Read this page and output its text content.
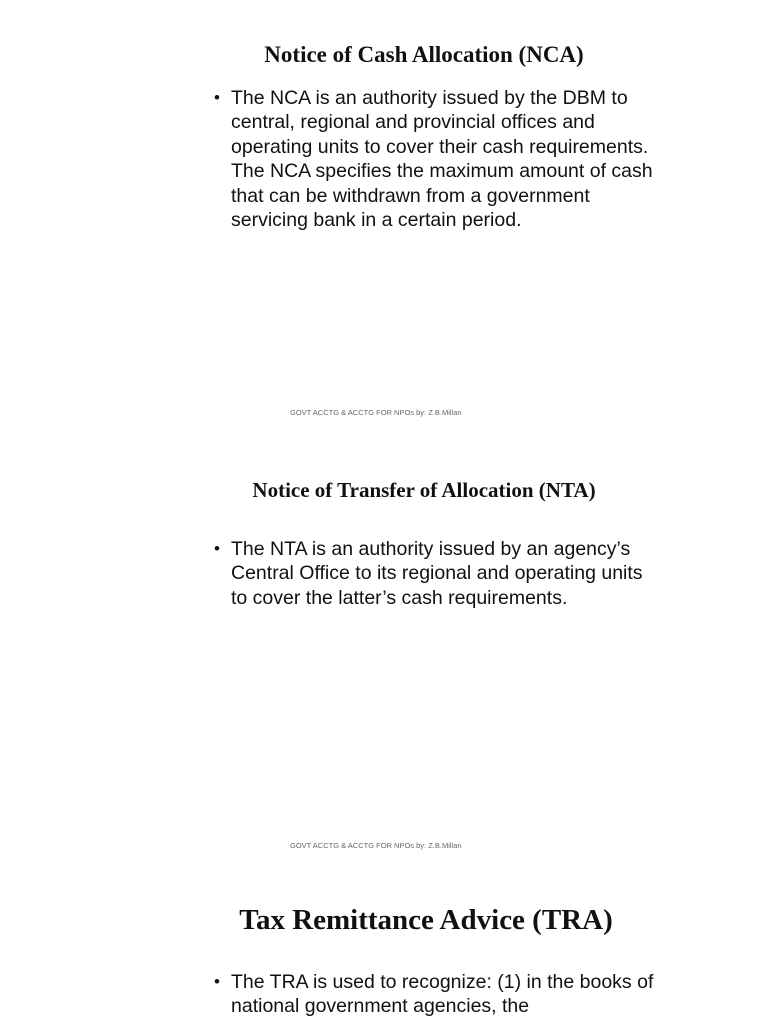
Notice of Cash Allocation (NCA)
• The NCA is an authority issued by the DBM to central, regional and provincial offices and operating units to cover their cash requirements. The NCA specifies the maximum amount of cash that can be withdrawn from a government servicing bank in a certain period.
GOVT ACCTG & ACCTG FOR NPOs by: Z.B.Millan
Notice of Transfer of Allocation (NTA)
• The NTA is an authority issued by an agency’s Central Office to its regional and operating units to cover the latter’s cash requirements.
GOVT ACCTG & ACCTG FOR NPOs by: Z.B.Millan
Tax Remittance Advice (TRA)
• The TRA is used to recognize: (1) in the books of national government agencies, the
